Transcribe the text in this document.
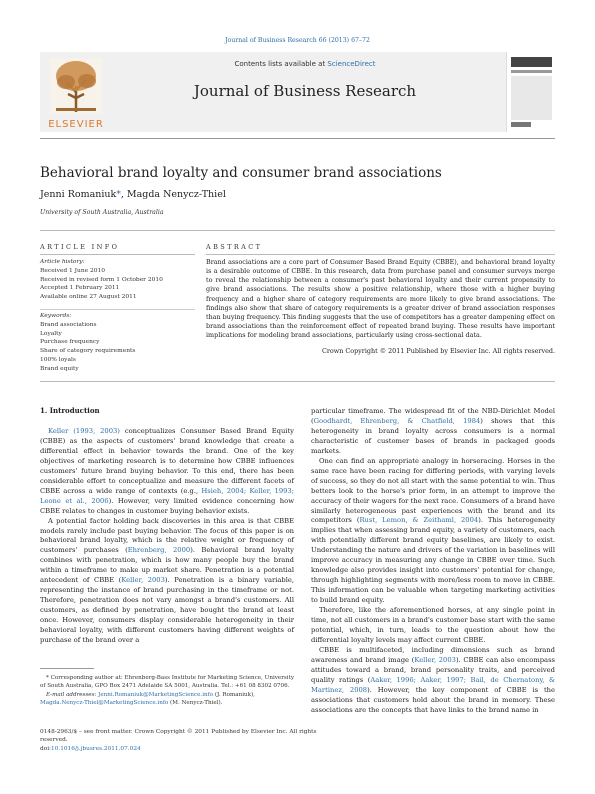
Journal of Business Research 66 (2013) 67–72
ELSEVIER
Contents lists available at ScienceDirect
Journal of Business Research
Behavioral brand loyalty and consumer brand associations
Jenni Romaniuk*, Magda Nenycz-Thiel
University of South Australia, Australia
ARTICLE INFO	ABSTRACT
Article history:
Received 1 June 2010
Received in revised form 1 October 2010
Accepted 1 February 2011
Available online 27 August 2011
Keywords:
Brand associations
Loyalty
Purchase frequency
Share of category requirements
100% loyals
Brand equity
Brand associations are a core part of Consumer Based Brand Equity (CBBE), and behavioral brand loyalty is a desirable outcome of CBBE. In this research, data from purchase panel and consumer surveys merge to reveal the relationship between a consumer's past behavioral loyalty and their current propensity to give brand associations. The results show a positive relationship, where those with a higher buying frequency and a higher share of category requirements are more likely to give brand associations. The findings also show that share of category requirements is a greater driver of brand association responses than buying frequency. This finding suggests that the use of competitors has a greater dampening effect on brand associations than the reinforcement effect of repeated brand buying. These results have important implications for modeling brand associations, particularly using cross-sectional data.
Crown Copyright © 2011 Published by Elsevier Inc. All rights reserved.
1. Introduction

Keller (1993, 2003) conceptualizes Consumer Based Brand Equity (CBBE) as the aspects of customers' brand knowledge that create a differential effect in behavior towards the brand. One of the key objectives of marketing research is to determine how CBBE influences customers' future brand buying behavior. To this end, there has been considerable effort to conceptualize and measure the different facets of CBBE across a wide range of contexts (e.g., Hsieh, 2004; Keller, 1993; Leone et al., 2006). However, very limited evidence concerning how CBBE relates to changes in customer buying behavior exists.

A potential factor holding back discoveries in this area is that CBBE models rarely include past buying behavior. The focus of this paper is on behavioral brand loyalty, which is the relative weight or frequency of customers' purchases (Ehrenberg, 2000). Behavioral brand loyalty combines with penetration, which is how many people buy the brand within a timeframe to make up market share. Penetration is a potential antecedent of CBBE (Keller, 2003). Penetration is a binary variable, representing the instance of brand purchasing in the timeframe or not. Therefore, penetration does not vary amongst a brand's customers. All customers, as defined by penetration, have bought the brand at least once. However, consumers display considerable heterogeneity in their behavioral loyalty, with different customers having different weights of purchase of the brand over a

particular timeframe. The widespread fit of the NBD-Dirichlet Model (Goodhardt, Ehrenberg, & Chatfield, 1984) shows that this heterogeneity in brand loyalty across consumers is a normal characteristic of customer bases of brands in packaged goods markets.

One can find an appropriate analogy in horseracing. Horses in the same race have been racing for differing periods, with varying levels of success, so they do not all start with the same potential to win. Thus betters look to the horse's prior form, in an attempt to improve the accuracy of their wagers for the next race. Consumers of a brand have similarly heterogeneous past experiences with the brand and its competitors (Rust, Lemon, & Zeithaml, 2004). This heterogeneity implies that when assessing brand equity, a variety of customers, each with potentially different brand equity baselines, are likely to exist. Understanding the nature and drivers of the variation in baselines will improve accuracy in measuring any change in CBBE over time. Such knowledge also provides insight into customers' potential for change, through highlighting segments with more/less room to move in CBBE. This information can be valuable when targeting marketing activities to build brand equity.

Therefore, like the aforementioned horses, at any single point in time, not all customers in a brand's customer base start with the same potential, which, in turn, leads to the question about how the differential loyalty levels may affect current CBBE.

CBBE is multifaceted, including dimensions such as brand awareness and brand image (Keller, 2003). CBBE can also encompass attitudes toward a brand, brand personality traits, and perceived quality ratings (Aaker, 1996; Aaker, 1997; Bail, de Chernatony, & Martinez, 2008). However, the key component of CBBE is the associations that customers hold about the brand in memory. These associations are the concepts that have links to the brand name in

* Corresponding author at: Ehrenberg-Bass Institute for Marketing Science, University of South Australia, GPO Box 2471 Adelaide SA 5001, Australia. Tel.: +61 08 8302 0706.
E-mail addresses: Jenni.Romaniuk@MarketingScience.info (J. Romaniuk),
Magda.Nenycz-Thiel@MarketingScience.info (M. Nenycz-Thiel).
0148-2963/$ – see front matter. Crown Copyright © 2011 Published by Elsevier Inc. All rights reserved.
doi:10.1016/j.jbusres.2011.07.024
